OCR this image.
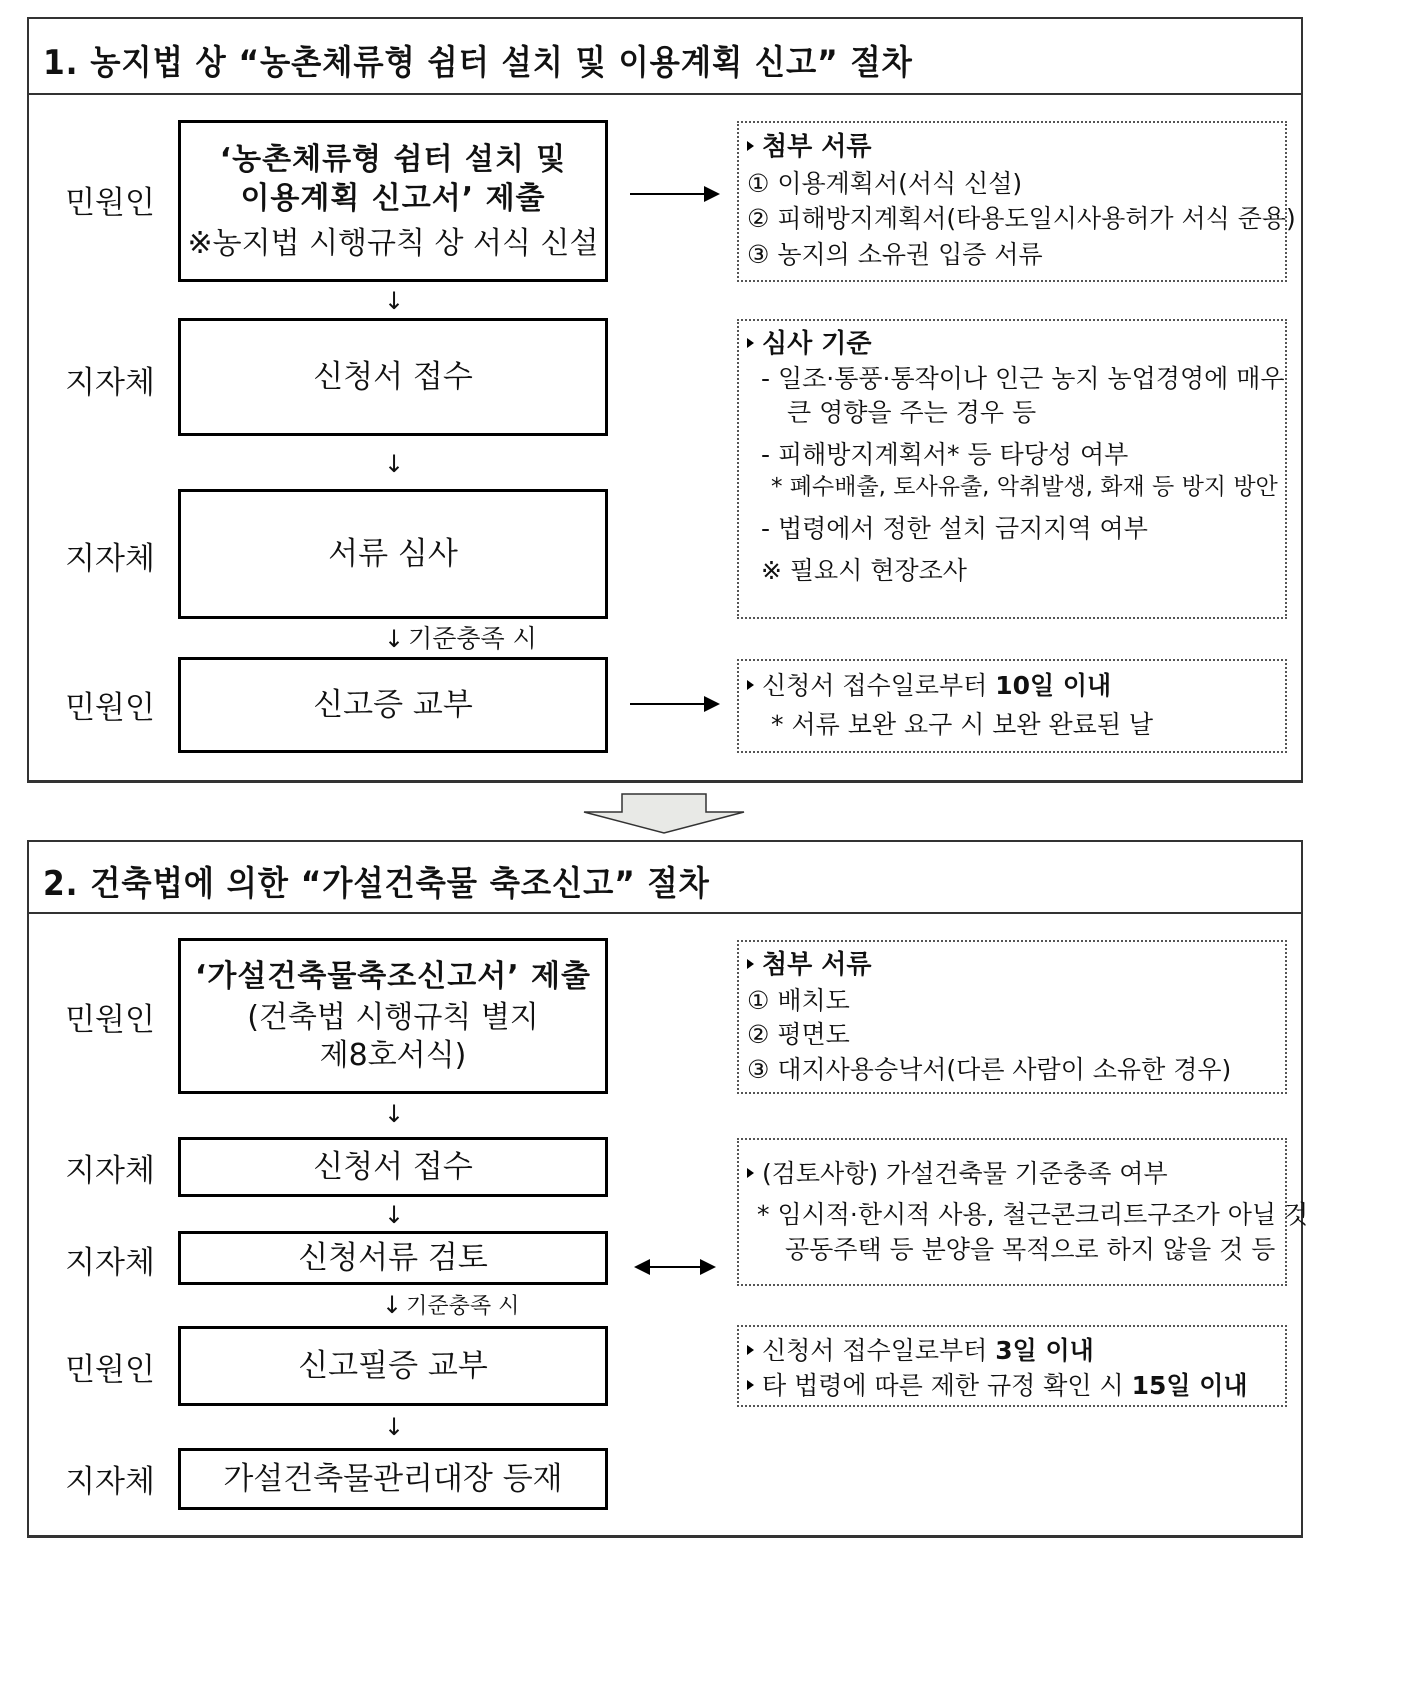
1. 농지법 상 “농촌체류형 쉼터 설치 및 이용계획 신고” 절차
민원인
지자체
지자체
민원인
‘농촌체류형 쉼터 설치 및
이용계획 신고서’ 제출
※농지법 시행규칙 상 서식 신설
↓
신청서 접수
↓
서류 심사
↓ 기준충족 시
신고증 교부
첨부 서류
① 이용계획서(서식 신설)
② 피해방지계획서(타용도일시사용허가 서식 준용)
③ 농지의 소유권 입증 서류
심사 기준
- 일조·통풍·통작이나 인근 농지 농업경영에 매우
큰 영향을 주는 경우 등
- 피해방지계획서* 등 타당성 여부
* 폐수배출, 토사유출, 악취발생, 화재 등 방지 방안
- 법령에서 정한 설치 금지지역 여부
※ 필요시 현장조사
신청서 접수일로부터 10일 이내
* 서류 보완 요구 시 보완 완료된 날
2. 건축법에 의한 “가설건축물 축조신고” 절차
민원인
지자체
지자체
민원인
지자체
‘가설건축물축조신고서’ 제출
(건축법 시행규칙 별지
제8호서식)
↓
신청서 접수
↓
신청서류 검토
↓ 기준충족 시
신고필증 교부
↓
가설건축물관리대장 등재
첨부 서류
① 배치도
② 평면도
③ 대지사용승낙서(다른 사람이 소유한 경우)
(검토사항) 가설건축물 기준충족 여부
* 임시적·한시적 사용, 철근콘크리트구조가 아닐 것
공동주택 등 분양을 목적으로 하지 않을 것 등
신청서 접수일로부터 3일 이내
타 법령에 따른 제한 규정 확인 시 15일 이내
